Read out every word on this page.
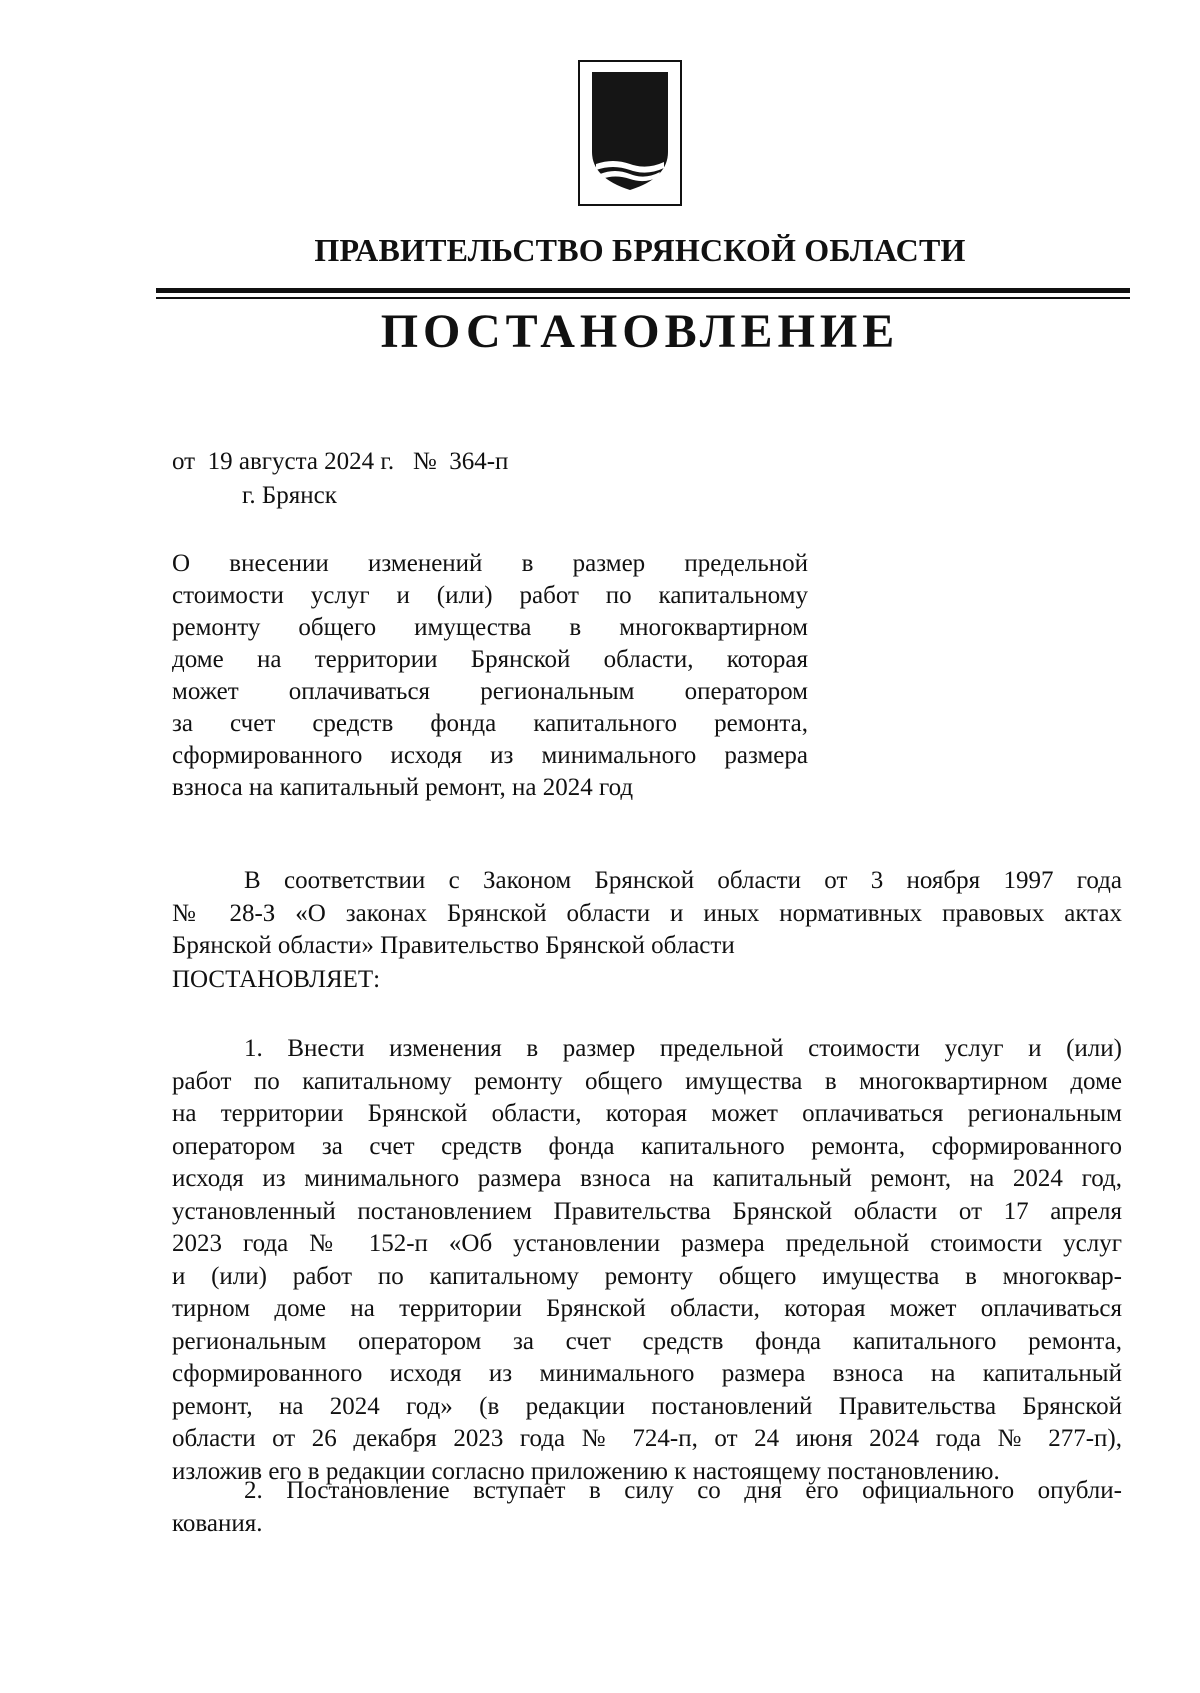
ПРАВИТЕЛЬСТВО БРЯНСКОЙ ОБЛАСТИ
ПОСТАНОВЛЕНИЕ
от 19 августа 2024 г. № 364-п
г. Брянск
О внесении изменений в размер предельной
стоимости услуг и (или) работ по капитальному
ремонту общего имущества в многоквартирном
доме на территории Брянской области, которая
может оплачиваться региональным оператором
за счет средств фонда капитального ремонта,
сформированного исходя из минимального размера
взноса на капитальный ремонт, на 2024 год
В соответствии с Законом Брянской области от 3 ноября 1997 года
№ 28-З «О законах Брянской области и иных нормативных правовых актах
Брянской области» Правительство Брянской области
ПОСТАНОВЛЯЕТ:
1. Внести изменения в размер предельной стоимости услуг и (или)
работ по капитальному ремонту общего имущества в многоквартирном доме
на территории Брянской области, которая может оплачиваться региональным
оператором за счет средств фонда капитального ремонта, сформированного
исходя из минимального размера взноса на капитальный ремонт, на 2024 год,
установленный постановлением Правительства Брянской области от 17 апреля
2023 года № 152-п «Об установлении размера предельной стоимости услуг
и (или) работ по капитальному ремонту общего имущества в многоквар-
тирном доме на территории Брянской области, которая может оплачиваться
региональным оператором за счет средств фонда капитального ремонта,
сформированного исходя из минимального размера взноса на капитальный
ремонт, на 2024 год» (в редакции постановлений Правительства Брянской
области от 26 декабря 2023 года № 724-п, от 24 июня 2024 года № 277-п),
изложив его в редакции согласно приложению к настоящему постановлению.
2. Постановление вступает в силу со дня его официального опубли-
кования.
